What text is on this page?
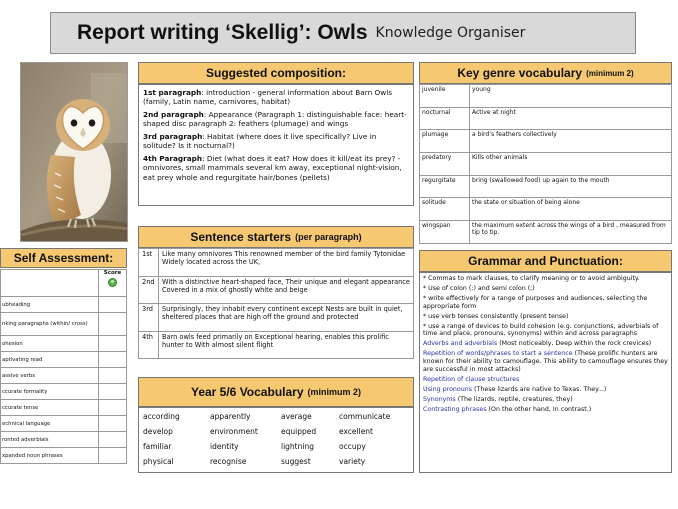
Report writing ‘Skellig’: Owls Knowledge Organiser
Suggested composition:

1st paragraph: introduction - general information about Barn Owls (family, Latin name, carnivores, habitat)

2nd paragraph: Appearance (Paragraph 1: distinguishable face: heart-shaped disc paragraph 2: feathers (plumage) and wings

3rd paragraph: Habitat (where does it live specifically? Live in solitude? Is it nocturnal?)

4th Paragraph: Diet (what does it eat? How does it kill/eat its prey? - omnivores, small mammals several km away, exceptional night-vision, eat prey whole and regurgitate hair/bones (pellets)

Key genre vocabulary (minimum 2)
juvenile	young
nocturnal	Active at night
plumage	a bird’s feathers collectively
predatory	Kills other animals
regurgitate	bring (swallowed food) up again to the mouth
solitude	the state or situation of being alone
wingspan	the maximum extent across the wings of a bird , measured from tip to tip.
Self Assessment:

	Score

ubheading	
nking paragraphs (within/ cross)	
ohesion	
aptivating read	
assive verbs	
ccurate formality	
ccurate tense	
echnical language	
ronted adverbials	
xpanded noun phrases	
Sentence starters (per paragraph)
1st	Like many omnivores This renowned member of the bird family Tytonidae Widely located across the UK,
2nd	With a distinctive heart-shaped face, Their unique and elegant appearance Covered in a mix of ghostly white and beige
3rd	Surprisingly, they inhabit every continent except Nests are built in quiet, sheltered places that are high off the ground and protected
4th	Barn owls feed primarily on Exceptional hearing, enables this prolific hunter to With almost silent flight
Year 5/6 Vocabulary (minimum 2)
according	apparently	average	communicate
develop	environment	equipped	excellent
familiar	identity	lightning	occupy
physical	recognise	suggest	variety
Grammar and Punctuation:

* Commas to mark clauses, to clarify meaning or to avoid ambiguity.

* Use of colon (:) and semi colon (;)

* write effectively for a range of purposes and audiences, selecting the appropriate form

* use verb tenses consistently (present tense)

* use a range of devices to build cohesion (e.g. conjunctions, adverbials of time and place, pronouns, synonyms) within and across paragraphs

Adverbs and adverbials (Most noticeably, Deep within the rock crevices)

Repetition of words/phrases to start a sentence (These prolific hunters are known for their ability to camouflage. This ability to camouflage ensures they are successful in most attacks)

Repetition of clause structures

Using pronouns (These lizards are native to Texas. They...)

Synonyms (The lizards, reptile, creatures, they)

Contrasting phrases (On the other hand, In contrast.)
